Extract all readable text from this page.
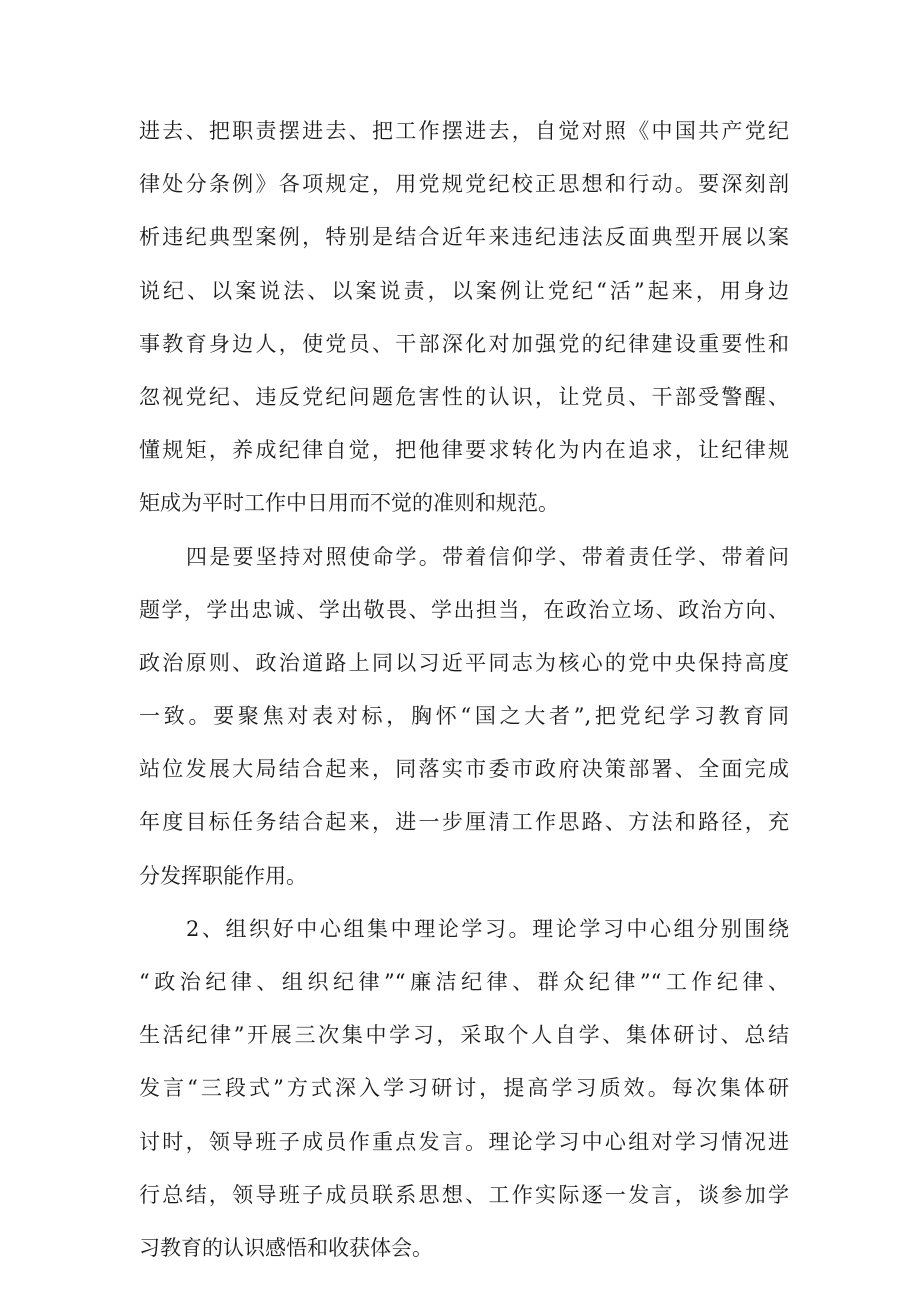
进去、把职责摆进去、把工作摆进去，自觉对照《中国共产党纪
律处分条例》各项规定，用党规党纪校正思想和行动。要深刻剖
析违纪典型案例，特别是结合近年来违纪违法反面典型开展以案
说纪、以案说法、以案说责，以案例让党纪“活”起来，用身边
事教育身边人，使党员、干部深化对加强党的纪律建设重要性和
忽视党纪、违反党纪问题危害性的认识，让党员、干部受警醒、
懂规矩，养成纪律自觉，把他律要求转化为内在追求，让纪律规
矩成为平时工作中日用而不觉的准则和规范。
四是要坚持对照使命学。带着信仰学、带着责任学、带着问
题学，学出忠诚、学出敬畏、学出担当，在政治立场、政治方向、
政治原则、政治道路上同以习近平同志为核心的党中央保持高度
一致。要聚焦对表对标，胸怀“国之大者”,把党纪学习教育同
站位发展大局结合起来，同落实市委市政府决策部署、全面完成
年度目标任务结合起来，进一步厘清工作思路、方法和路径，充
分发挥职能作用。
2、组织好中心组集中理论学习。理论学习中心组分别围绕
“政治纪律、组织纪律”“廉洁纪律、群众纪律”“工作纪律、
生活纪律”开展三次集中学习，采取个人自学、集体研讨、总结
发言“三段式”方式深入学习研讨，提高学习质效。每次集体研
讨时，领导班子成员作重点发言。理论学习中心组对学习情况进
行总结，领导班子成员联系思想、工作实际逐一发言，谈参加学
习教育的认识感悟和收获体会。
